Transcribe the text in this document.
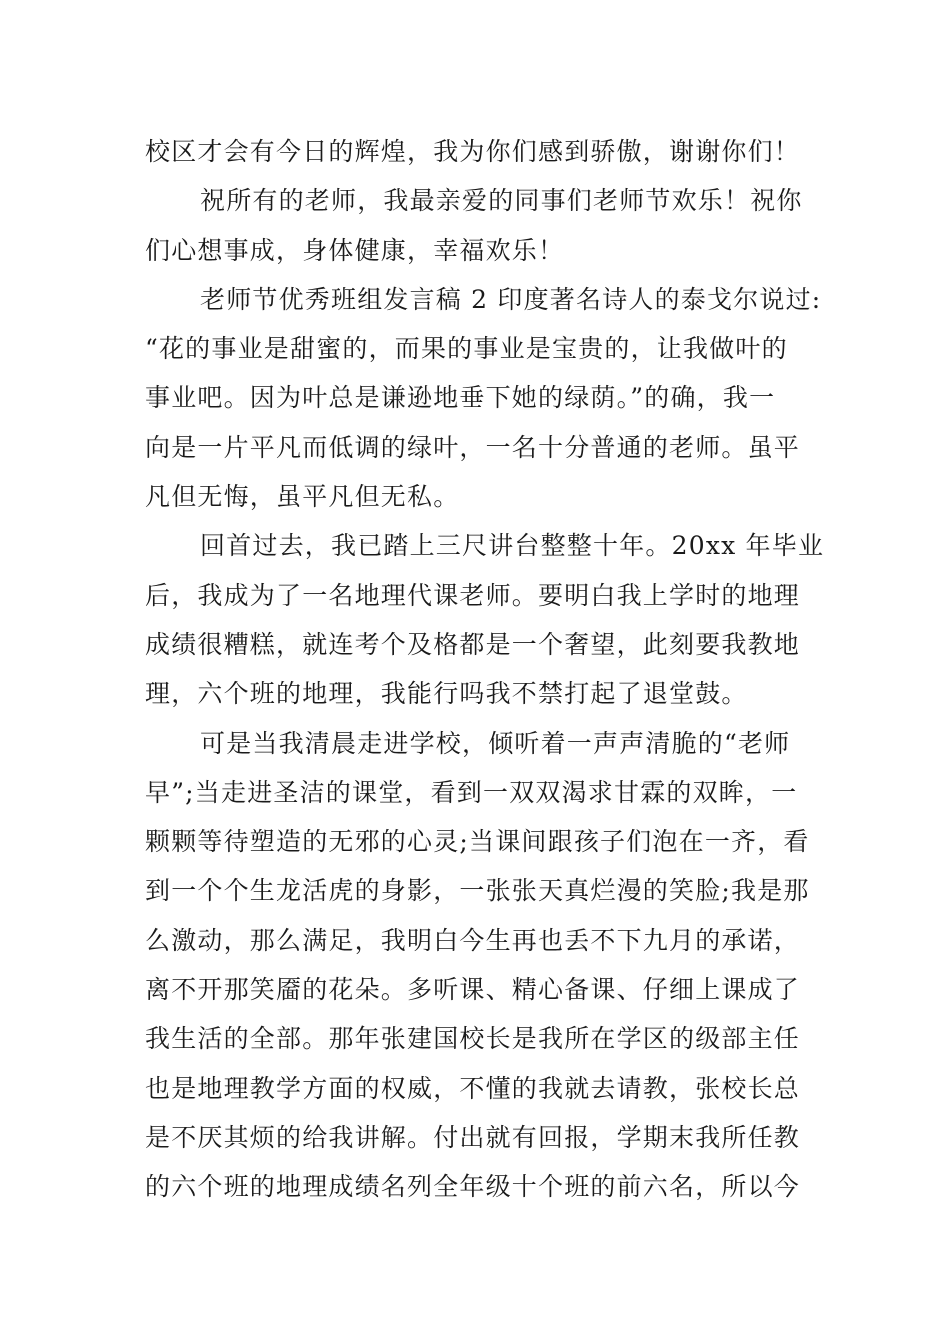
校区才会有今日的辉煌，我为你们感到骄傲，谢谢你们！
祝所有的老师，我最亲爱的同事们老师节欢乐！祝你
们心想事成，身体健康，幸福欢乐！
老师节优秀班组发言稿 2 印度著名诗人的泰戈尔说过:
“花的事业是甜蜜的，而果的事业是宝贵的，让我做叶的
事业吧。因为叶总是谦逊地垂下她的绿荫。”的确，我一
向是一片平凡而低调的绿叶，一名十分普通的老师。虽平
凡但无悔，虽平凡但无私。
回首过去，我已踏上三尺讲台整整十年。20xx 年毕业
后，我成为了一名地理代课老师。要明白我上学时的地理
成绩很糟糕，就连考个及格都是一个奢望，此刻要我教地
理，六个班的地理，我能行吗我不禁打起了退堂鼓。
可是当我清晨走进学校，倾听着一声声清脆的“老师
早”;当走进圣洁的课堂，看到一双双渴求甘霖的双眸，一
颗颗等待塑造的无邪的心灵;当课间跟孩子们泡在一齐，看
到一个个生龙活虎的身影，一张张天真烂漫的笑脸;我是那
么激动，那么满足，我明白今生再也丢不下九月的承诺，
离不开那笑靥的花朵。多听课、精心备课、仔细上课成了
我生活的全部。那年张建国校长是我所在学区的级部主任
也是地理教学方面的权威，不懂的我就去请教，张校长总
是不厌其烦的给我讲解。付出就有回报，学期末我所任教
的六个班的地理成绩名列全年级十个班的前六名，所以今
